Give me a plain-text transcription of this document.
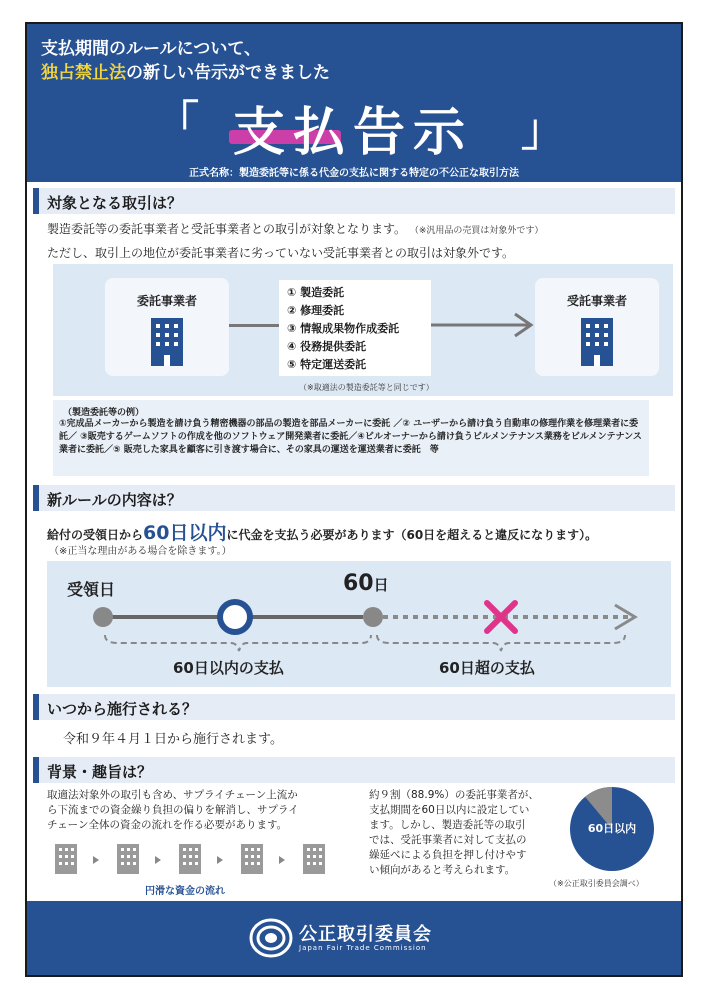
支払期間のルールについて、
独占禁止法の新しい告示ができました
「 支払告示	」
正式名称：製造委託等に係る代金の支払に関する特定の不公正な取引方法
対象となる取引は？
製造委託等の委託事業者と受託事業者との取引が対象となります。 （※汎用品の売買は対象外です）
ただし、取引上の地位が委託事業者に劣っていない受託事業者との取引は対象外です。
委託事業者
① 製造委託
② 修理委託
③ 情報成果物作成委託
④ 役務提供委託
⑤ 特定運送委託
受託事業者
（※取適法の製造委託等と同じです）
（製造委託等の例）
①完成品メーカーから製造を請け負う精密機器の部品の製造を部品メーカーに委託 ／② ユーザーから請け負う自動車の修理作業を修理業者に委託／ ③販売するゲームソフトの作成を他のソフトウェア開発業者に委託／④ビルオーナーから請け負うビルメンテナンス業務をビルメンテナンス業者に委託／⑤ 販売した家具を顧客に引き渡す場合に、その家具の運送を運送業者に委託　等
新ルールの内容は？
給付の受領日から60日以内に代金を支払う必要があります（60日を超えると違反になります）。
（※正当な理由がある場合を除きます。）
受領日	60日
60日以内の支払	60日超の支払
いつから施行される？
令和９年４月１日から施行されます。
背景・趣旨は？
取適法対象外の取引も含め、サプライチェーン上流か
ら下流までの資金繰り負担の偏りを解消し、サプライ
チェーン全体の資金の流れを作る必要があります。
円滑な資金の流れ
約９割（88.9%）の委託事業者が、
支払期間を60日以内に設定してい
ます。しかし、製造委託等の取引
では、受託事業者に対して支払の
繰延べによる負担を押し付けやす
い傾向があると考えられます。
60日以内
（※公正取引委員会調べ）
公正取引委員会
Japan Fair Trade Commission
